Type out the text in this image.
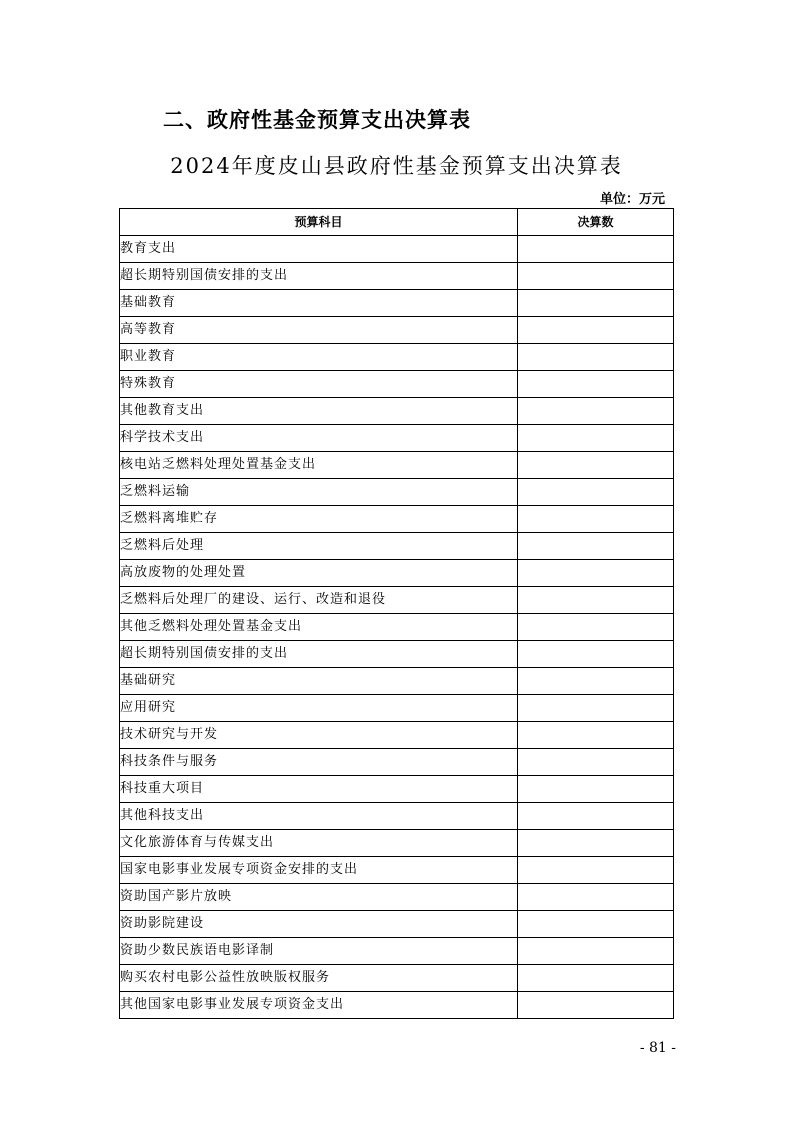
二、政府性基金预算支出决算表
2024年度皮山县政府性基金预算支出决算表
单位：万元
预算科目	决算数
教育支出	
超长期特别国债安排的支出	
基础教育	
高等教育	
职业教育	
特殊教育	
其他教育支出	
科学技术支出	
核电站乏燃料处理处置基金支出	
乏燃料运输	
乏燃料离堆贮存	
乏燃料后处理	
高放废物的处理处置	
乏燃料后处理厂的建设、运行、改造和退役	
其他乏燃料处理处置基金支出	
超长期特别国债安排的支出	
基础研究	
应用研究	
技术研究与开发	
科技条件与服务	
科技重大项目	
其他科技支出	
文化旅游体育与传媒支出	
国家电影事业发展专项资金安排的支出	
资助国产影片放映	
资助影院建设	
资助少数民族语电影译制	
购买农村电影公益性放映版权服务	
其他国家电影事业发展专项资金支出	
- 81 -
